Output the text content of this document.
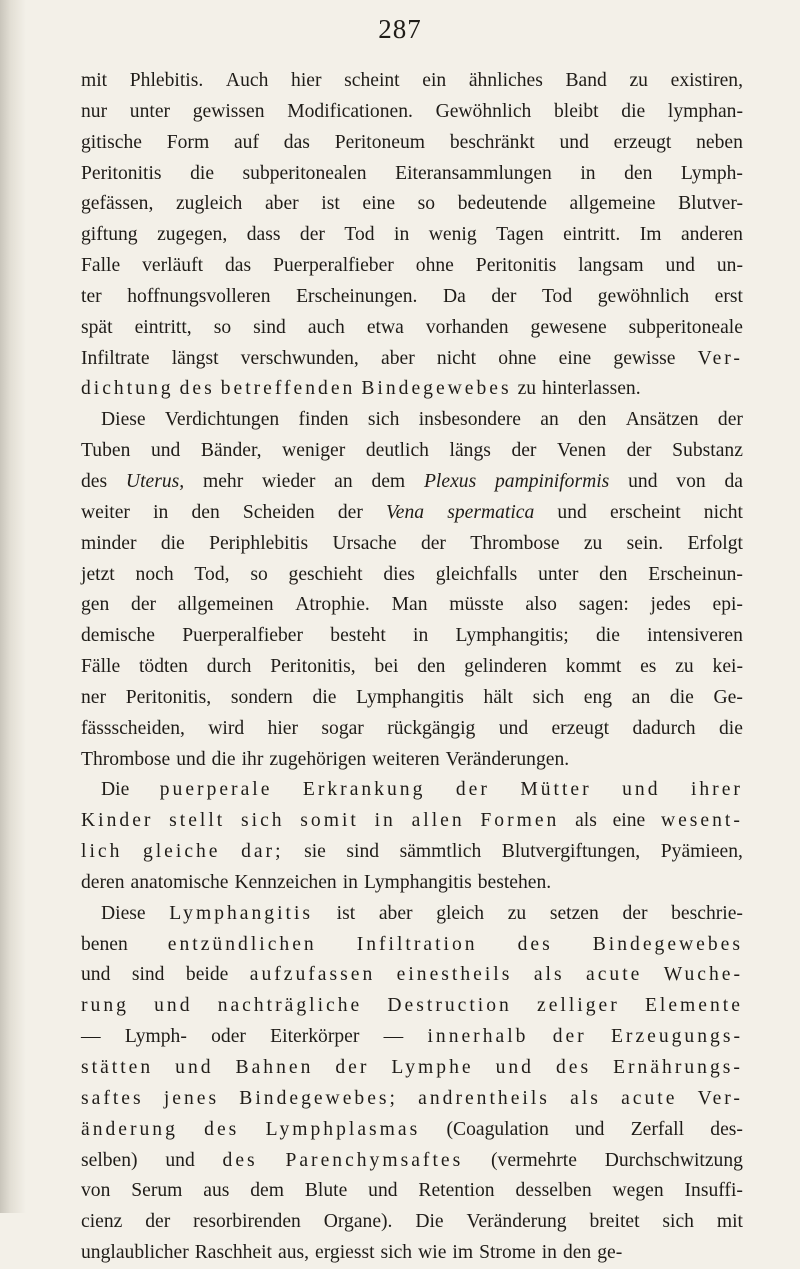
287
mit Phlebitis. Auch hier scheint ein ähnliches Band zu existiren,
nur unter gewissen Modificationen. Gewöhnlich bleibt die lymphan-
gitische Form auf das Peritoneum beschränkt und erzeugt neben
Peritonitis die subperitonealen Eiteransammlungen in den Lymph-
gefässen, zugleich aber ist eine so bedeutende allgemeine Blutver-
giftung zugegen, dass der Tod in wenig Tagen eintritt. Im anderen
Falle verläuft das Puerperalfieber ohne Peritonitis langsam und un-
ter hoffnungsvolleren Erscheinungen. Da der Tod gewöhnlich erst
spät eintritt, so sind auch etwa vorhanden gewesene subperitoneale
Infiltrate längst verschwunden, aber nicht ohne eine gewisse Ver-
dichtung des betreffenden Bindegewebes zu hinterlassen.
Diese Verdichtungen finden sich insbesondere an den Ansätzen der
Tuben und Bänder, weniger deutlich längs der Venen der Substanz
des Uterus, mehr wieder an dem Plexus pampiniformis und von da
weiter in den Scheiden der Vena spermatica und erscheint nicht
minder die Periphlebitis Ursache der Thrombose zu sein. Erfolgt
jetzt noch Tod, so geschieht dies gleichfalls unter den Erscheinun-
gen der allgemeinen Atrophie. Man müsste also sagen: jedes epi-
demische Puerperalfieber besteht in Lymphangitis; die intensiveren
Fälle tödten durch Peritonitis, bei den gelinderen kommt es zu kei-
ner Peritonitis, sondern die Lymphangitis hält sich eng an die Ge-
fässscheiden, wird hier sogar rückgängig und erzeugt dadurch die
Thrombose und die ihr zugehörigen weiteren Veränderungen.
Die puerperale Erkrankung der Mütter und ihrer
Kinder stellt sich somit in allen Formen als eine wesent-
lich gleiche dar; sie sind sämmtlich Blutvergiftungen, Pyämieen,
deren anatomische Kennzeichen in Lymphangitis bestehen.
Diese Lymphangitis ist aber gleich zu setzen der beschrie-
benen entzündlichen Infiltration des Bindegewebes
und sind beide aufzufassen einestheils als acute Wuche-
rung und nachträgliche Destruction zelliger Elemente
— Lymph- oder Eiterkörper — innerhalb der Erzeugungs-
stätten und Bahnen der Lymphe und des Ernährungs-
saftes jenes Bindegewebes; andrentheils als acute Ver-
änderung des Lymphplasmas (Coagulation und Zerfall des-
selben) und des Parenchymsaftes (vermehrte Durchschwitzung
von Serum aus dem Blute und Retention desselben wegen Insuffi-
cienz der resorbirenden Organe). Die Veränderung breitet sich mit
unglaublicher Raschheit aus, ergiesst sich wie im Strome in den ge-
